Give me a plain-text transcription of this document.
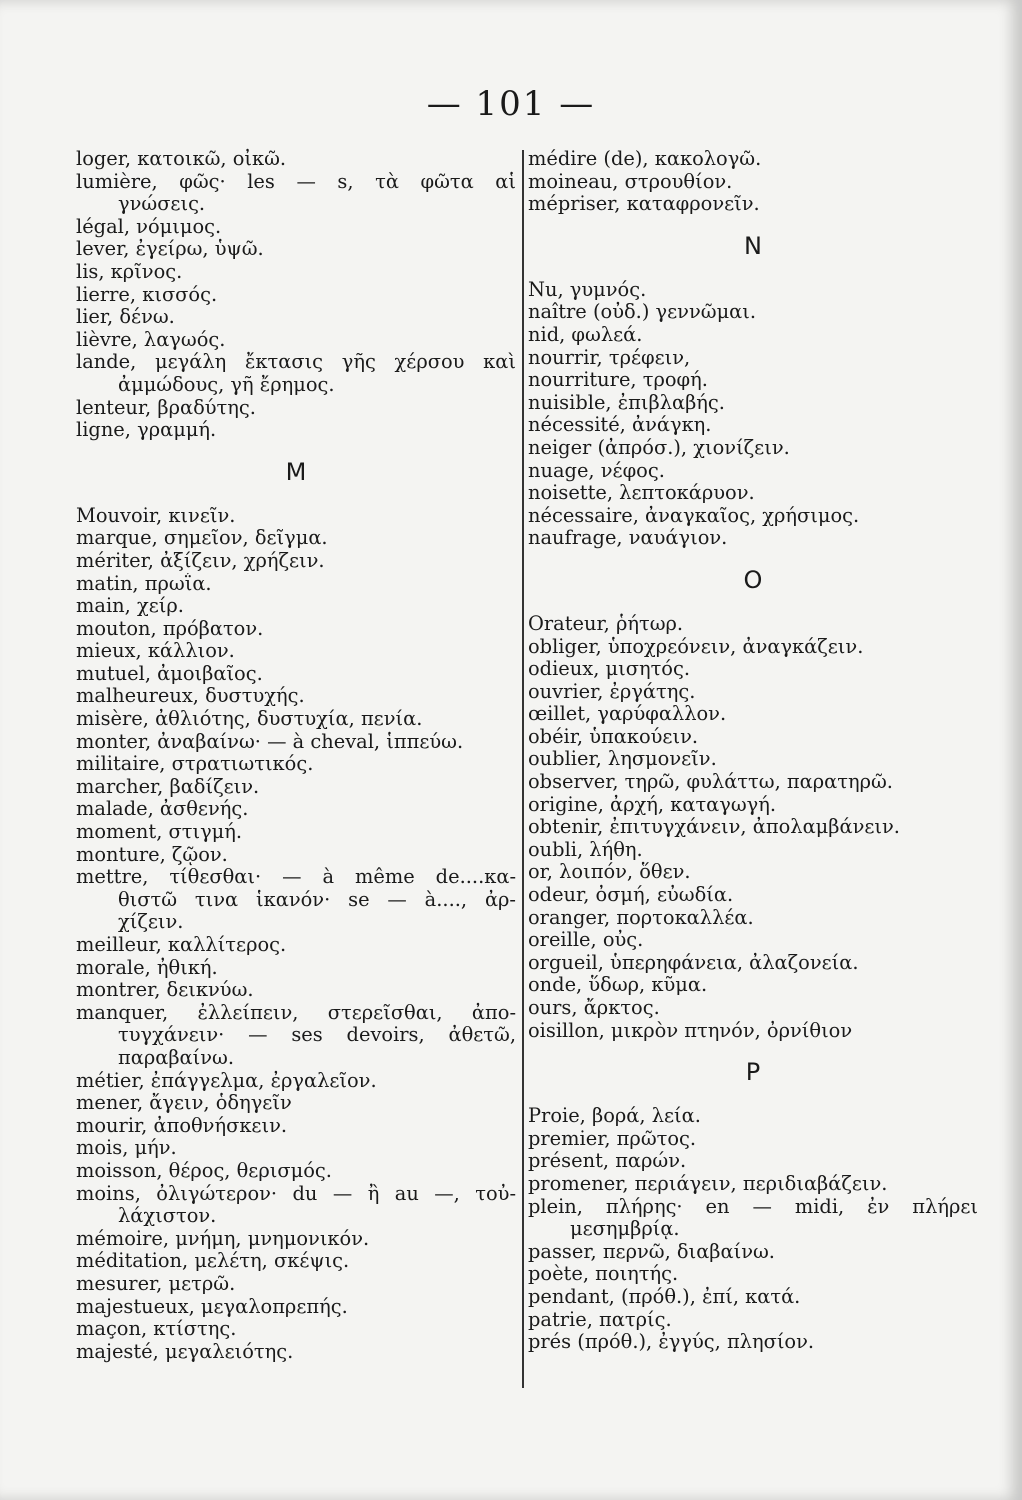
— 101 —
loger, κατοικῶ, οἰκῶ.
lumière, φῶς· les — s, τὰ φῶτα αἱ
γνώσεις.
légal, νόμιμος.
lever, ἐγείρω, ὑψῶ.
lis, κρῖνος.
lierre, κισσός.
lier, δένω.
lièvre, λαγωός.
lande, μεγάλη ἔκτασις γῆς χέρσου καὶ
ἀμμώδους, γῆ ἔρημος.
lenteur, βραδύτης.
ligne, γραμμή.
M
Mouvoir, κινεῖν.
marque, σημεῖον, δεῖγμα.
mériter, ἀξίζειν, χρήζειν.
matin, πρωΐα.
main, χείρ.
mouton, πρόβατον.
mieux, κάλλιον.
mutuel, ἀμοιβαῖος.
malheureux, δυστυχής.
misère, ἀθλιότης, δυστυχία, πενία.
monter, ἀναβαίνω· — à cheval, ἱππεύω.
militaire, στρατιωτικός.
marcher, βαδίζειν.
malade, ἀσθενής.
moment, στιγμή.
monture, ζῷον.
mettre, τίθεσθαι· — à même de....κα-
θιστῶ τινα ἱκανόν· se — à...., ἀρ-
χίζειν.
meilleur, καλλίτερος.
morale, ἠθική.
montrer, δεικνύω.
manquer, ἐλλείπειν, στερεῖσθαι, ἀπο-
τυγχάνειν· — ses devoirs, ἀθετῶ,
παραβαίνω.
métier, ἐπάγγελμα, ἐργαλεῖον.
mener, ἄγειν, ὁδηγεῖν
mourir, ἀποθνήσκειν.
mois, μήν.
moisson, θέρος, θερισμός.
moins, ὀλιγώτερον· du — ἢ au —, τοὐ-
λάχιστον.
mémoire, μνήμη, μνημονικόν.
méditation, μελέτη, σκέψις.
mesurer, μετρῶ.
majestueux, μεγαλοπρεπής.
maçon, κτίστης.
majesté, μεγαλειότης.
médire (de), κακολογῶ.
moineau, στρουθίον.
mépriser, καταφρονεῖν.
N
Nu, γυμνός.
naître (οὐδ.) γεννῶμαι.
nid, φωλεά.
nourrir, τρέφειν,
nourriture, τροφή.
nuisible, ἐπιβλαβής.
nécessité, ἀνάγκη.
neiger (ἀπρόσ.), χιονίζειν.
nuage, νέφος.
noisette, λεπτοκάρυον.
nécessaire, ἀναγκαῖος, χρήσιμος.
naufrage, ναυάγιον.
O
Orateur, ῥήτωρ.
obliger, ὑποχρεόνειν, ἀναγκάζειν.
odieux, μισητός.
ouvrier, ἐργάτης.
œillet, γαρύφαλλον.
obéir, ὑπακούειν.
oublier, λησμονεῖν.
observer, τηρῶ, φυλάττω, παρατηρῶ.
origine, ἀρχή, καταγωγή.
obtenir, ἐπιτυγχάνειν, ἀπολαμβάνειν.
oubli, λήθη.
or, λοιπόν, ὅθεν.
odeur, ὀσμή, εὐωδία.
oranger, πορτοκαλλέα.
oreille, οὖς.
orgueil, ὑπερηφάνεια, ἀλαζονεία.
onde, ὕδωρ, κῦμα.
ours, ἄρκτος.
oisillon, μικρὸν πτηνόν, ὀρνίθιον
P
Proie, βορά, λεία.
premier, πρῶτος.
présent, παρών.
promener, περιάγειν, περιδιαβάζειν.
plein, πλήρης· en — midi, ἐν πλήρει
μεσημβρίᾳ.
passer, περνῶ, διαβαίνω.
poète, ποιητής.
pendant, (πρόθ.), ἐπί, κατά.
patrie, πατρίς.
prés (πρόθ.), ἐγγύς, πλησίον.
